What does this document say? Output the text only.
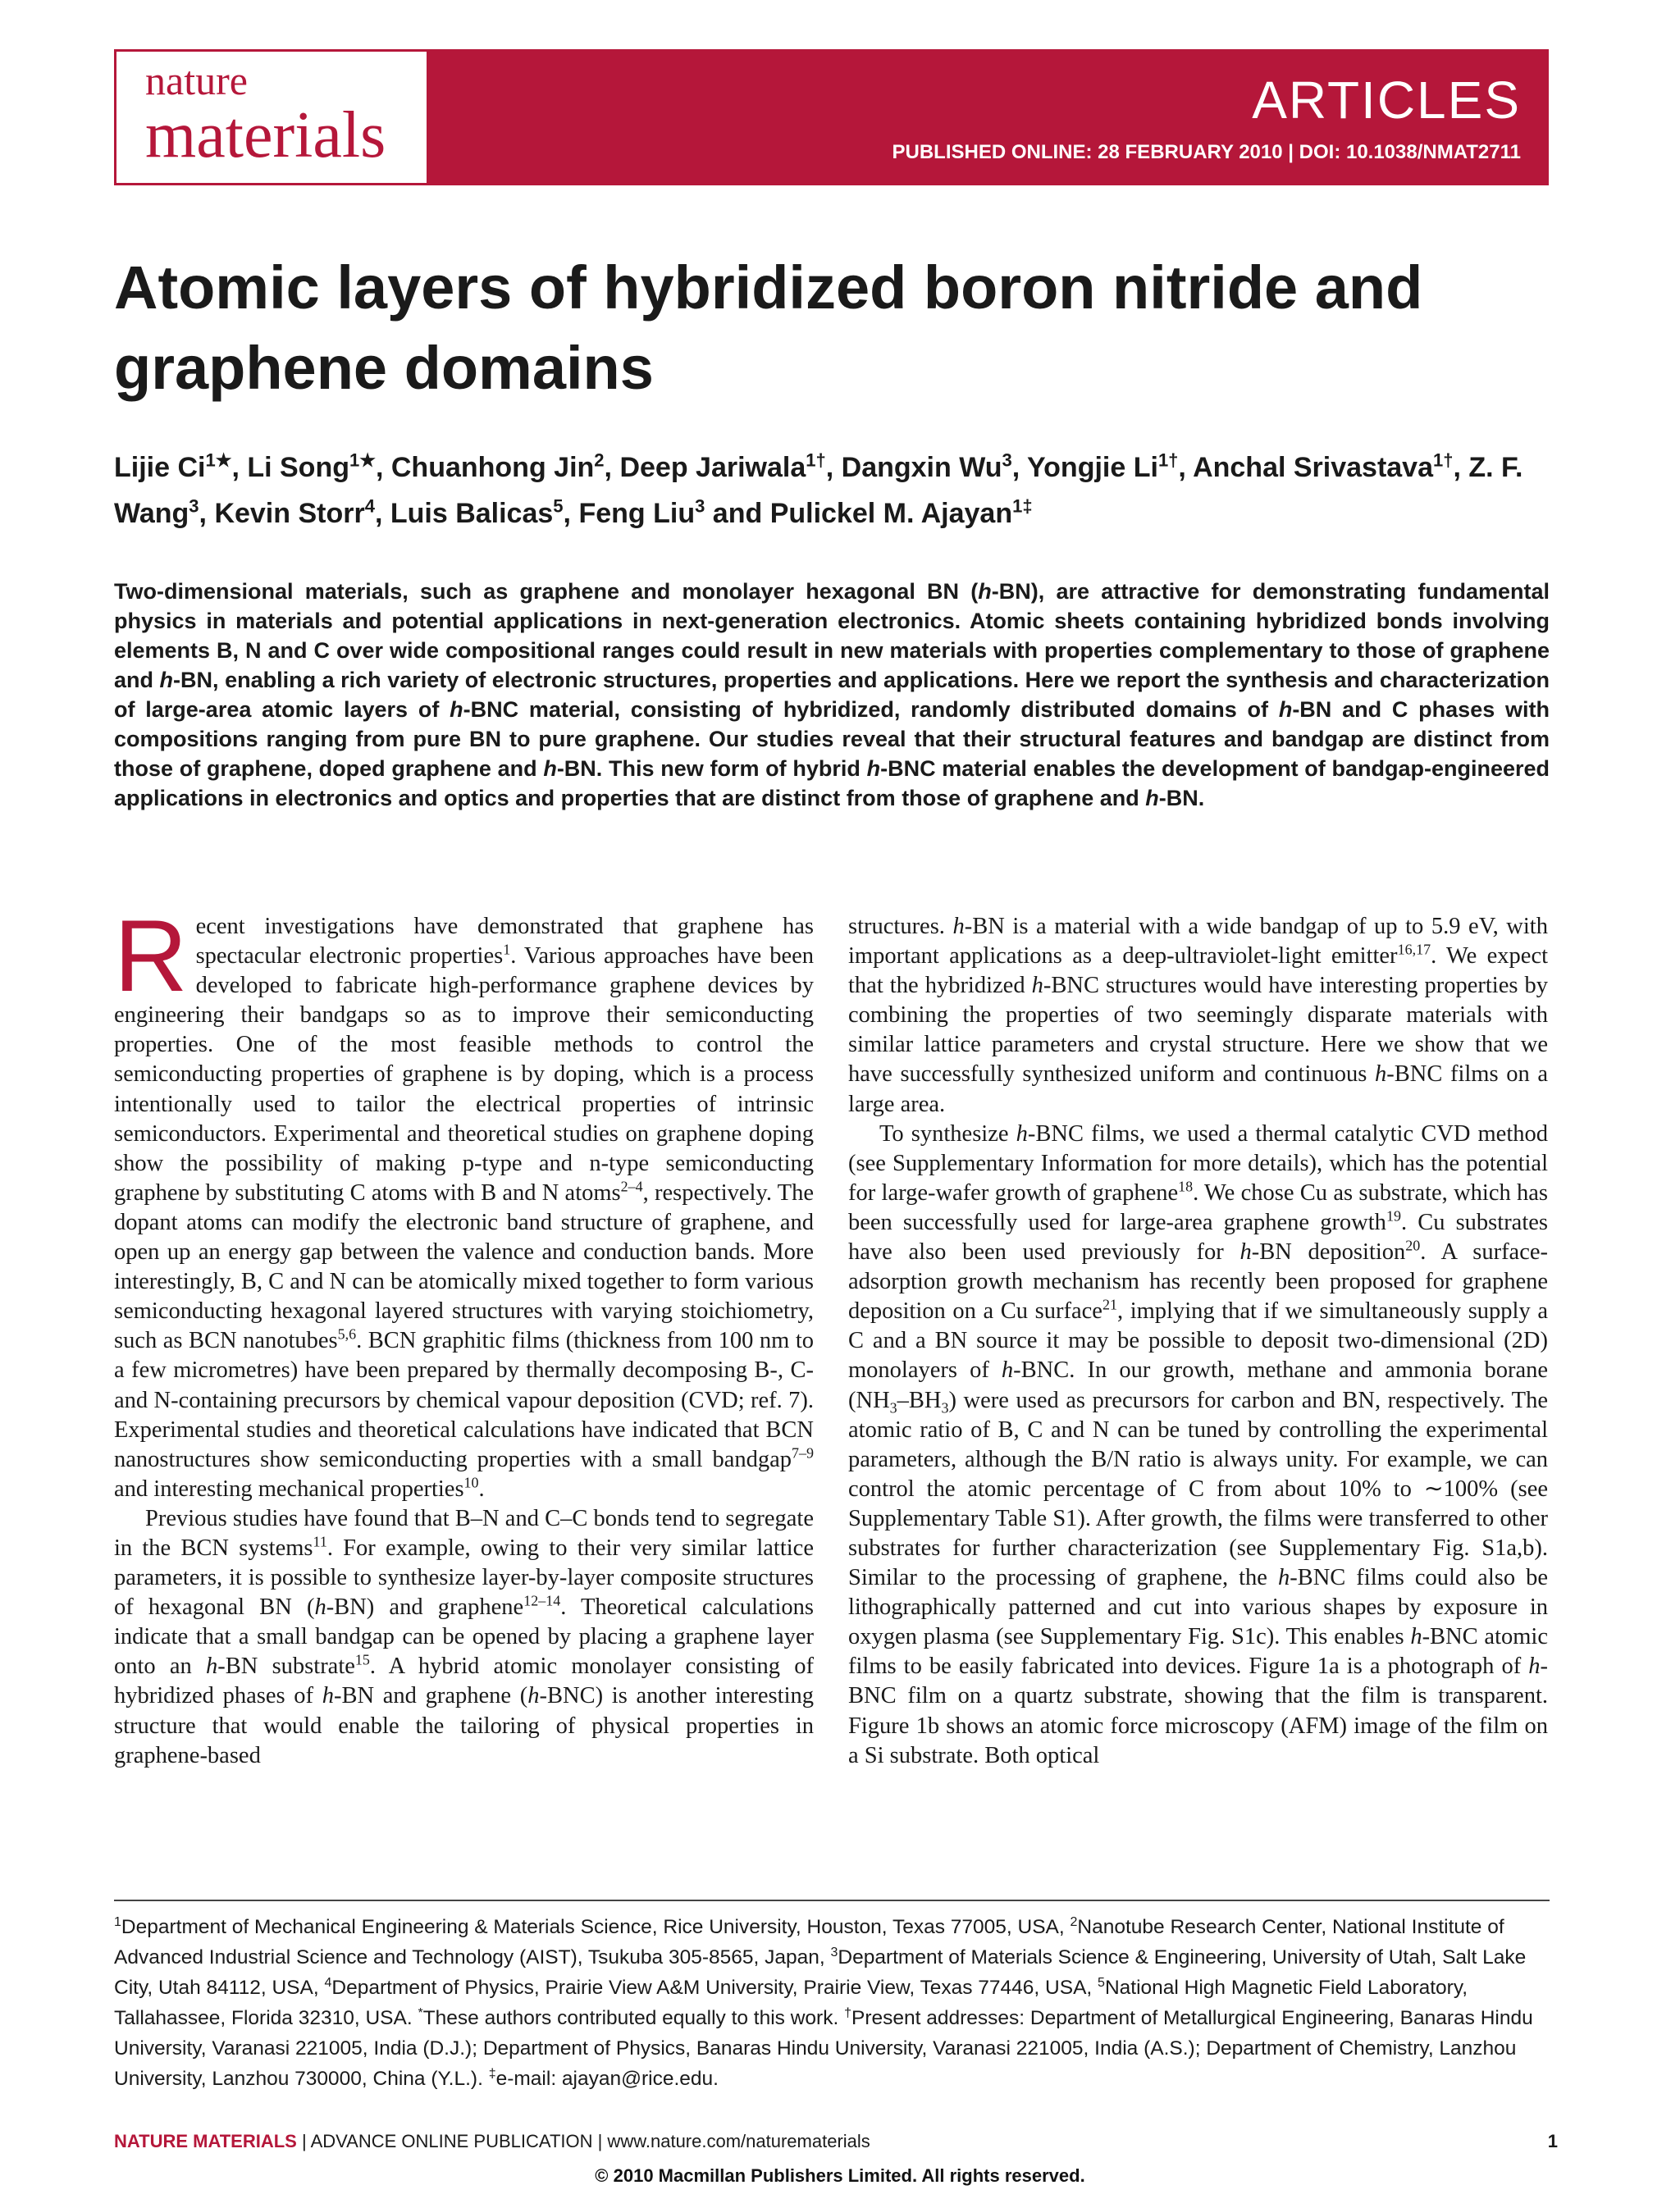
nature
materials	ARTICLES
PUBLISHED ONLINE: 28 FEBRUARY 2010 | DOI: 10.1038/NMAT2711
Atomic layers of hybridized boron nitride and graphene domains
Lijie $Ci^{1★}$, Li Song$^{1★}$, Chuanhong Jin$^2$, Deep Jariwala$^{1\dagger}$, Dangxin Wu$^3$, Yongjie $Li^{1\dagger}$, Anchal Srivastava$^{1\dagger}$, Z. F. Wang$^3$, Kevin Storr$^4$, Luis Balicas$^5$, Feng Liu$^3$ and Pulickel M. Ajayan$^{1\ddagger}$
Two-dimensional materials, such as graphene and monolayer hexagonal BN (h-BN), are attractive for demonstrating fundamental physics in materials and potential applications in next-generation electronics. Atomic sheets containing hybridized bonds involving elements B, N and C over wide compositional ranges could result in new materials with properties complementary to those of graphene and h-BN, enabling a rich variety of electronic structures, properties and applications. Here we report the synthesis and characterization of large-area atomic layers of h-BNC material, consisting of hybridized, randomly distributed domains of h-BN and C phases with compositions ranging from pure BN to pure graphene. Our studies reveal that their structural features and bandgap are distinct from those of graphene, doped graphene and h-BN. This new form of hybrid h-BNC material enables the development of bandgap-engineered applications in electronics and optics and properties that are distinct from those of graphene and h-BN.

Recent investigations have demonstrated that graphene has spectacular electronic properties$^1$. Various approaches have been developed to fabricate high-performance graphene devices by engineering their bandgaps so as to improve their semiconducting properties. One of the most feasible methods to control the semiconducting properties of graphene is by doping, which is a process intentionally used to tailor the electrical properties of intrinsic semiconductors. Experimental and theoretical studies on graphene doping show the possibility of making p-type and n-type semiconducting graphene by substituting C atoms with B and N atoms$^{2-4}$, respectively. The dopant atoms can modify the electronic band structure of graphene, and open up an energy gap between the valence and conduction bands. More interestingly, B, C and N can be atomically mixed together to form various semiconducting hexagonal layered structures with varying stoichiometry, such as BCN nanotubes$^{5,6}$. BCN graphitic films (thickness from 100 nm to a few micrometres) have been prepared by thermally decomposing B-, C- and N-containing precursors by chemical vapour deposition (CVD; ref. 7). Experimental studies and theoretical calculations have indicated that BCN nanostructures show semiconducting properties with a small bandgap$^{7-9}$ and interesting mechanical properties$^{10}$.

Previous studies have found that B–N and C–C bonds tend to segregate in the BCN systems$^{11}$. For example, owing to their very similar lattice parameters, it is possible to synthesize layer-by-layer composite structures of hexagonal BN (h-BN) and graphene$^{12-14}$. Theoretical calculations indicate that a small bandgap can be opened by placing a graphene layer onto an h-BN substrate$^{15}$. A hybrid atomic monolayer consisting of hybridized phases of h-BN and graphene (h-BNC) is another interesting structure that would enable the tailoring of physical properties in graphene-based

structures. h-BN is a material with a wide bandgap of up to 5.9 eV, with important applications as a deep-ultraviolet-light emitter$^{16,17}$. We expect that the hybridized h-BNC structures would have interesting properties by combining the properties of two seemingly disparate materials with similar lattice parameters and crystal structure. Here we show that we have successfully synthesized uniform and continuous h-BNC films on a large area.

To synthesize h-BNC films, we used a thermal catalytic CVD method (see Supplementary Information for more details), which has the potential for large-wafer growth of graphene$^{18}$. We chose Cu as substrate, which has been successfully used for large-area graphene growth$^{19}$. Cu substrates have also been used previously for h-BN deposition$^{20}$. A surface-adsorption growth mechanism has recently been proposed for graphene deposition on a Cu surface$^{21}$, implying that if we simultaneously supply a C and a BN source it may be possible to deposit two-dimensional (2D) monolayers of h-BNC. In our growth, methane and ammonia borane $(NH_3-BH_3)$ were used as precursors for carbon and BN, respectively. The atomic ratio of B, C and N can be tuned by controlling the experimental parameters, although the B/N ratio is always unity. For example, we can control the atomic percentage of C from about 10% to ∼100% (see Supplementary Table S1). After growth, the films were transferred to other substrates for further characterization (see Supplementary Fig. S1a,b). Similar to the processing of graphene, the h-BNC films could also be lithographically patterned and cut into various shapes by exposure in oxygen plasma (see Supplementary Fig. S1c). This enables h-BNC atomic films to be easily fabricated into devices. Figure 1a is a photograph of h-BNC film on a quartz substrate, showing that the film is transparent. Figure 1b shows an atomic force microscopy (AFM) image of the film on a Si substrate. Both optical

$^1$Department of Mechanical Engineering & Materials Science, Rice University, Houston, Texas 77005, USA, $^2$Nanotube Research Center, National Institute of Advanced Industrial Science and Technology (AIST), Tsukuba 305-8565, Japan, $^3$Department of Materials Science & Engineering, University of Utah, Salt Lake City, Utah 84112, USA, $^4$Department of Physics, Prairie View A&M University, Prairie View, Texas 77446, USA, $^5$National High Magnetic Field Laboratory, Tallahassee, Florida 32310, USA. *These authors contributed equally to this work. †Present addresses: Department of Metallurgical Engineering, Banaras Hindu University, Varanasi 221005, India (D.J.); Department of Physics, Banaras Hindu University, Varanasi 221005, India (A.S.); Department of Chemistry, Lanzhou University, Lanzhou 730000, China (Y.L.). ‡e-mail: ajayan@rice.edu.
NATURE MATERIALS | ADVANCE ONLINE PUBLICATION | www.nature.com/naturematerials	1
© 2010 Macmillan Publishers Limited. All rights reserved.
